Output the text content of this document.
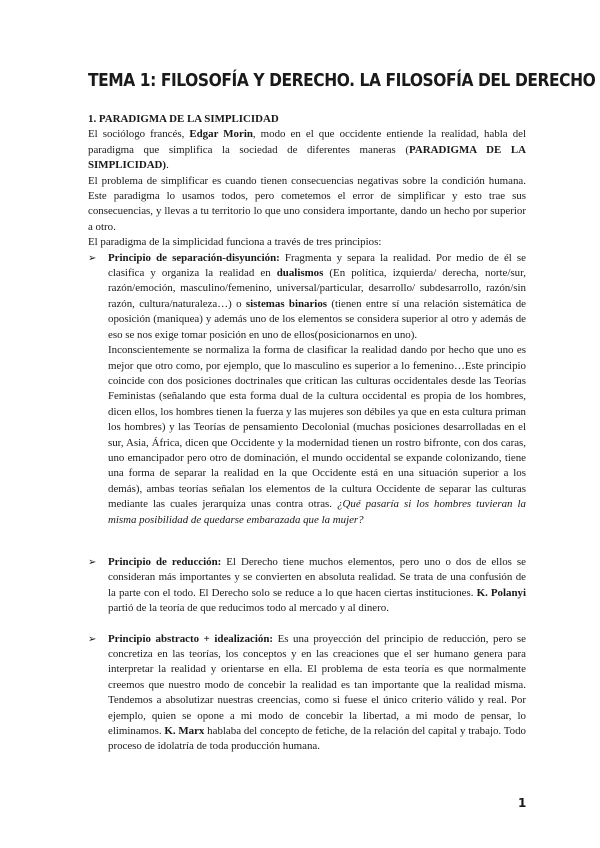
TEMA 1: FILOSOFÍA Y DERECHO. LA FILOSOFÍA DEL DERECHO

1. PARADIGMA DE LA SIMPLICIDAD

El sociólogo francés, Edgar Morin, modo en el que occidente entiende la realidad, habla del paradigma que simplifica la sociedad de diferentes maneras (PARADIGMA DE LA SIMPLICIDAD).

El problema de simplificar es cuando tienen consecuencias negativas sobre la condición humana. Este paradigma lo usamos todos, pero cometemos el error de simplificar y esto trae sus consecuencias, y llevas a tu territorio lo que uno considera importante, dando un hecho por superior a otro.

El paradigma de la simplicidad funciona a través de tres principios:

➢ Principio de separación-disyunción: Fragmenta y separa la realidad. Por medio de él se clasifica y organiza la realidad en dualismos (En política, izquierda/ derecha, norte/sur, razón/emoción, masculino/femenino, universal/particular, desarrollo/ subdesarrollo, razón/sin razón, cultura/naturaleza…) o sistemas binarios (tienen entre sí una relación sistemática de oposición (maniquea) y además uno de los elementos se considera superior al otro y además de eso se nos exige tomar posición en uno de ellos(posicionarnos en uno).

Inconscientemente se normaliza la forma de clasificar la realidad dando por hecho que uno es mejor que otro como, por ejemplo, que lo masculino es superior a lo femenino…Este principio coincide con dos posiciones doctrinales que critican las culturas occidentales desde las Teorías Feministas (señalando que esta forma dual de la cultura occidental es propia de los hombres, dicen ellos, los hombres tienen la fuerza y las mujeres son débiles ya que en esta cultura priman los hombres) y las Teorías de pensamiento Decolonial (muchas posiciones desarrolladas en el sur, Asia, África, dicen que Occidente y la modernidad tienen un rostro bifronte, con dos caras, uno emancipador pero otro de dominación, el mundo occidental se expande colonizando, tiene una forma de separar la realidad en la que Occidente está en una situación superior a los demás), ambas teorías señalan los elementos de la cultura Occidente de separar las culturas mediante las cuales jerarquiza unas contra otras. ¿Qué pasaría si los hombres tuvieran la misma posibilidad de quedarse embarazada que la mujer?

➢ Principio de reducción: El Derecho tiene muchos elementos, pero uno o dos de ellos se consideran más importantes y se convierten en absoluta realidad. Se trata de una confusión de la parte con el todo. El Derecho solo se reduce a lo que hacen ciertas instituciones. K. Polanyi partió de la teoría de que reducimos todo al mercado y al dinero.

➢ Principio abstracto + idealización: Es una proyección del principio de reducción, pero se concretiza en las teorías, los conceptos y en las creaciones que el ser humano genera para interpretar la realidad y orientarse en ella. El problema de esta teoría es que normalmente creemos que nuestro modo de concebir la realidad es tan importante que la realidad misma. Tendemos a absolutizar nuestras creencias, como si fuese el único criterio válido y real. Por ejemplo, quien se opone a mi modo de concebir la libertad, a mi modo de pensar, lo eliminamos. K. Marx hablaba del concepto de fetiche, de la relación del capital y trabajo. Todo proceso de idolatría de toda producción humana.

1
